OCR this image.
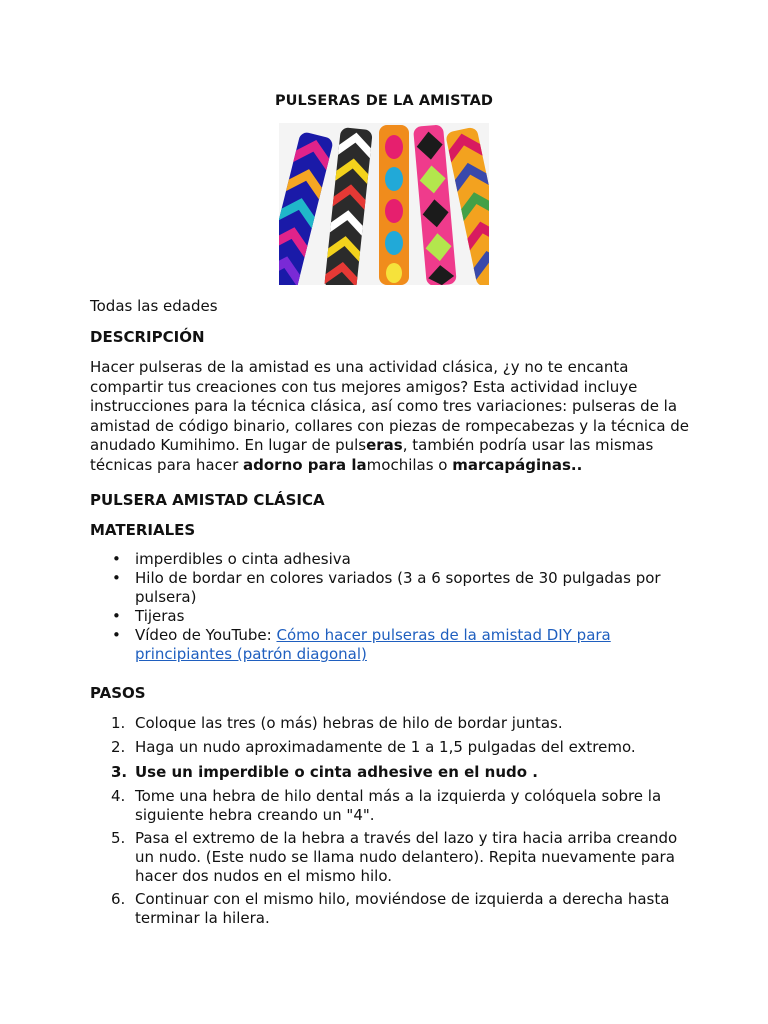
PULSERAS DE LA AMISTAD
Todas las edades
DESCRIPCIÓN
Hacer pulseras de la amistad es una actividad clásica, ¿y no te encanta compartir tus creaciones con tus mejores amigos? Esta actividad incluye instrucciones para la técnica clásica, así como tres variaciones: pulseras de la amistad de código binario, collares con piezas de rompecabezas y la técnica de anudado Kumihimo. En lugar de pulseras, también podría usar las mismas técnicas para hacer adorno para lamochilas o marcapáginas..
PULSERA AMISTAD CLÁSICA
MATERIALES
• imperdibles o cinta adhesiva
• Hilo de bordar en colores variados (3 a 6 soportes de 30 pulgadas por pulsera)
• Tijeras
• Vídeo de YouTube: Cómo hacer pulseras de la amistad DIY para principiantes (patrón diagonal)
PASOS
1. Coloque las tres (o más) hebras de hilo de bordar juntas.
2. Haga un nudo aproximadamente de 1 a 1,5 pulgadas del extremo.
3. Use un imperdible o cinta adhesive en el nudo .
4. Tome una hebra de hilo dental más a la izquierda y colóquela sobre la siguiente hebra creando un "4".
5. Pasa el extremo de la hebra a través del lazo y tira hacia arriba creando un nudo. (Este nudo se llama nudo delantero). Repita nuevamente para hacer dos nudos en el mismo hilo.
6. Continuar con el mismo hilo, moviéndose de izquierda a derecha hasta terminar la hilera.
